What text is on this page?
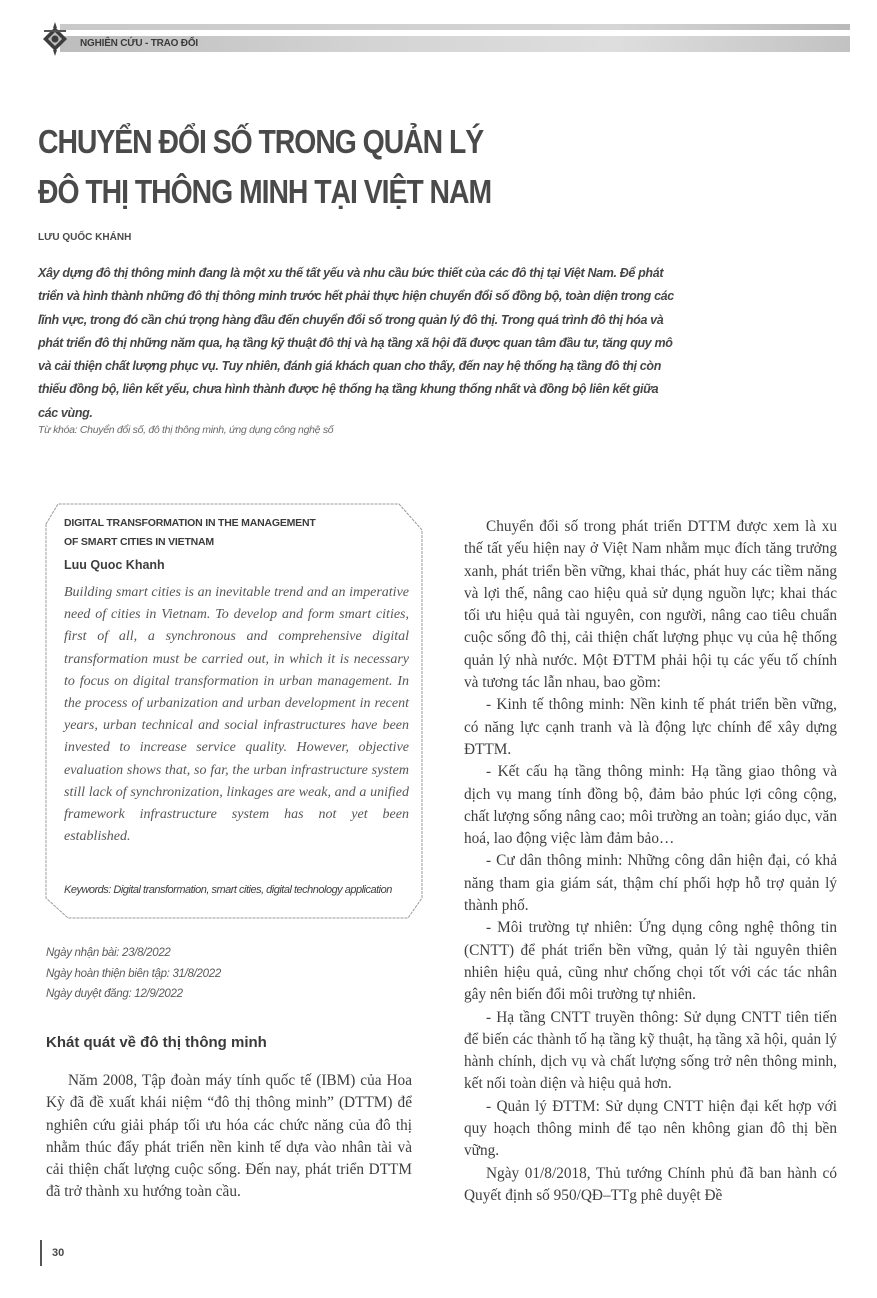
NGHIÊN CỨU - TRAO ĐỔI
CHUYỂN ĐỔI SỐ TRONG QUẢN LÝ
ĐÔ THỊ THÔNG MINH TẠI VIỆT NAM
LƯU QUỐC KHÁNH
Xây dựng đô thị thông minh đang là một xu thế tất yếu và nhu cầu bức thiết của các đô thị tại Việt Nam. Để phát triển và hình thành những đô thị thông minh trước hết phải thực hiện chuyển đổi số đồng bộ, toàn diện trong các lĩnh vực, trong đó cần chú trọng hàng đầu đến chuyển đổi số trong quản lý đô thị. Trong quá trình đô thị hóa và phát triển đô thị những năm qua, hạ tầng kỹ thuật đô thị và hạ tầng xã hội đã được quan tâm đầu tư, tăng quy mô và cải thiện chất lượng phục vụ. Tuy nhiên, đánh giá khách quan cho thấy, đến nay hệ thống hạ tầng đô thị còn thiếu đồng bộ, liên kết yếu, chưa hình thành được hệ thống hạ tầng khung thống nhất và đồng bộ liên kết giữa các vùng.
Từ khóa: Chuyển đổi số, đô thị thông minh, ứng dụng công nghệ số
DIGITAL TRANSFORMATION IN THE MANAGEMENT
OF SMART CITIES IN VIETNAM
Luu Quoc Khanh
Building smart cities is an inevitable trend and an imperative need of cities in Vietnam. To develop and form smart cities, first of all, a synchronous and comprehensive digital transformation must be carried out, in which it is necessary to focus on digital transformation in urban management. In the process of urbanization and urban development in recent years, urban technical and social infrastructures have been invested to increase service quality. However, objective evaluation shows that, so far, the urban infrastructure system still lack of synchronization, linkages are weak, and a unified framework infrastructure system has not yet been established.
Keywords: Digital transformation, smart cities, digital technology application
Ngày nhận bài: 23/8/2022
Ngày hoàn thiện biên tập: 31/8/2022
Ngày duyệt đăng: 12/9/2022
Khát quát về đô thị thông minh
Năm 2008, Tập đoàn máy tính quốc tế (IBM) của Hoa Kỳ đã đề xuất khái niệm “đô thị thông minh” (DTTM) để nghiên cứu giải pháp tối ưu hóa các chức năng của đô thị nhằm thúc đẩy phát triển nền kinh tế dựa vào nhân tài và cải thiện chất lượng cuộc sống. Đến nay, phát triển DTTM đã trở thành xu hướng toàn cầu.

Chuyển đổi số trong phát triển DTTM được xem là xu thế tất yếu hiện nay ở Việt Nam nhằm mục đích tăng trưởng xanh, phát triển bền vững, khai thác, phát huy các tiềm năng và lợi thế, nâng cao hiệu quả sử dụng nguồn lực; khai thác tối ưu hiệu quả tài nguyên, con người, nâng cao tiêu chuẩn cuộc sống đô thị, cải thiện chất lượng phục vụ của hệ thống quản lý nhà nước. Một ĐTTM phải hội tụ các yếu tố chính và tương tác lẫn nhau, bao gồm:

- Kinh tế thông minh: Nền kinh tế phát triển bền vững, có năng lực cạnh tranh và là động lực chính để xây dựng ĐTTM.

- Kết cấu hạ tầng thông minh: Hạ tầng giao thông và dịch vụ mang tính đồng bộ, đảm bảo phúc lợi công cộng, chất lượng sống nâng cao; môi trường an toàn; giáo dục, văn hoá, lao động việc làm đảm bảo…

- Cư dân thông minh: Những công dân hiện đại, có khả năng tham gia giám sát, thậm chí phối hợp hỗ trợ quản lý thành phố.

- Môi trường tự nhiên: Ứng dụng công nghệ thông tin (CNTT) để phát triển bền vững, quản lý tài nguyên thiên nhiên hiệu quả, cũng như chống chọi tốt với các tác nhân gây nên biến đổi môi trường tự nhiên.

- Hạ tầng CNTT truyền thông: Sử dụng CNTT tiên tiến để biến các thành tố hạ tầng kỹ thuật, hạ tầng xã hội, quản lý hành chính, dịch vụ và chất lượng sống trở nên thông minh, kết nối toàn diện và hiệu quả hơn.

- Quản lý ĐTTM: Sử dụng CNTT hiện đại kết hợp với quy hoạch thông minh để tạo nên không gian đô thị bền vững.

Ngày 01/8/2018, Thủ tướng Chính phủ đã ban hành có Quyết định số 950/QĐ–TTg phê duyệt Đề

30
